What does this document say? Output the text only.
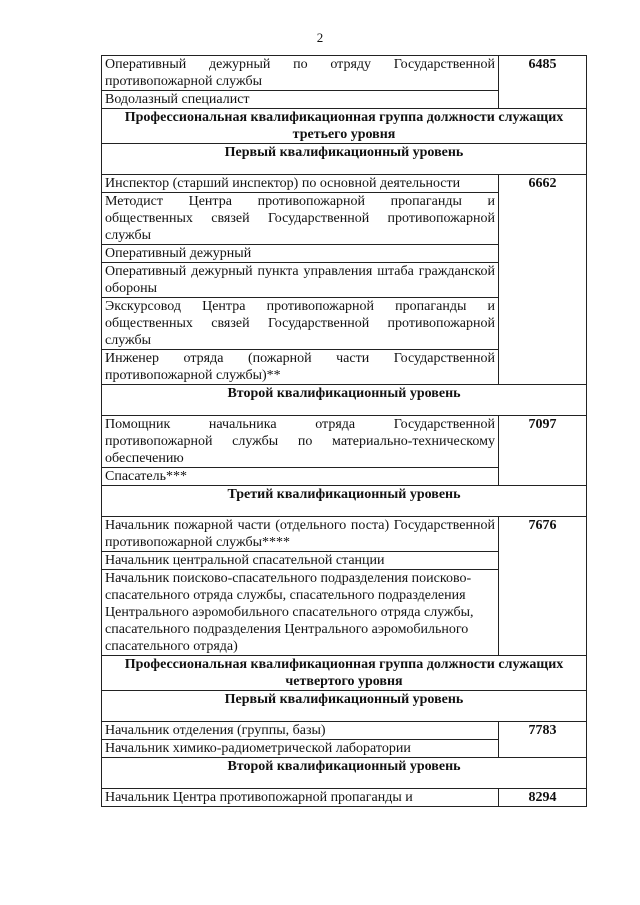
2
Оперативный дежурный по отряду Государственной противопожарной службы	6485
Водолазный специалист	
Профессиональная квалификационная группа должности служащих третьего уровня	
Первый квалификационный уровень	
Инспектор (старший инспектор) по основной деятельности	6662
Методист Центра противопожарной пропаганды и общественных связей Государственной противопожарной службы	
Оперативный дежурный	
Оперативный дежурный пункта управления штаба гражданской обороны	
Экскурсовод Центра противопожарной пропаганды и общественных связей Государственной противопожарной службы	
Инженер отряда (пожарной части Государственной противопожарной службы)**	
Второй квалификационный уровень	
Помощник начальника отряда Государственной противопожарной службы по материально-техническому обеспечению	7097
Спасатель***	
Третий квалификационный уровень	
Начальник пожарной части (отдельного поста) Государственной противопожарной службы****	7676
Начальник центральной спасательной станции	
Начальник поисково-спасательного подразделения поисково-спасательного отряда службы, спасательного подразделения Центрального аэромобильного спасательного отряда службы, спасательного подразделения Центрального аэромобильного спасательного отряда)	
Профессиональная квалификационная группа должности служащих четвертого уровня	
Первый квалификационный уровень	
Начальник отделения (группы, базы)	7783
Начальник химико-радиометрической лаборатории	
Второй квалификационный уровень	
Начальник Центра противопожарной пропаганды и	8294
